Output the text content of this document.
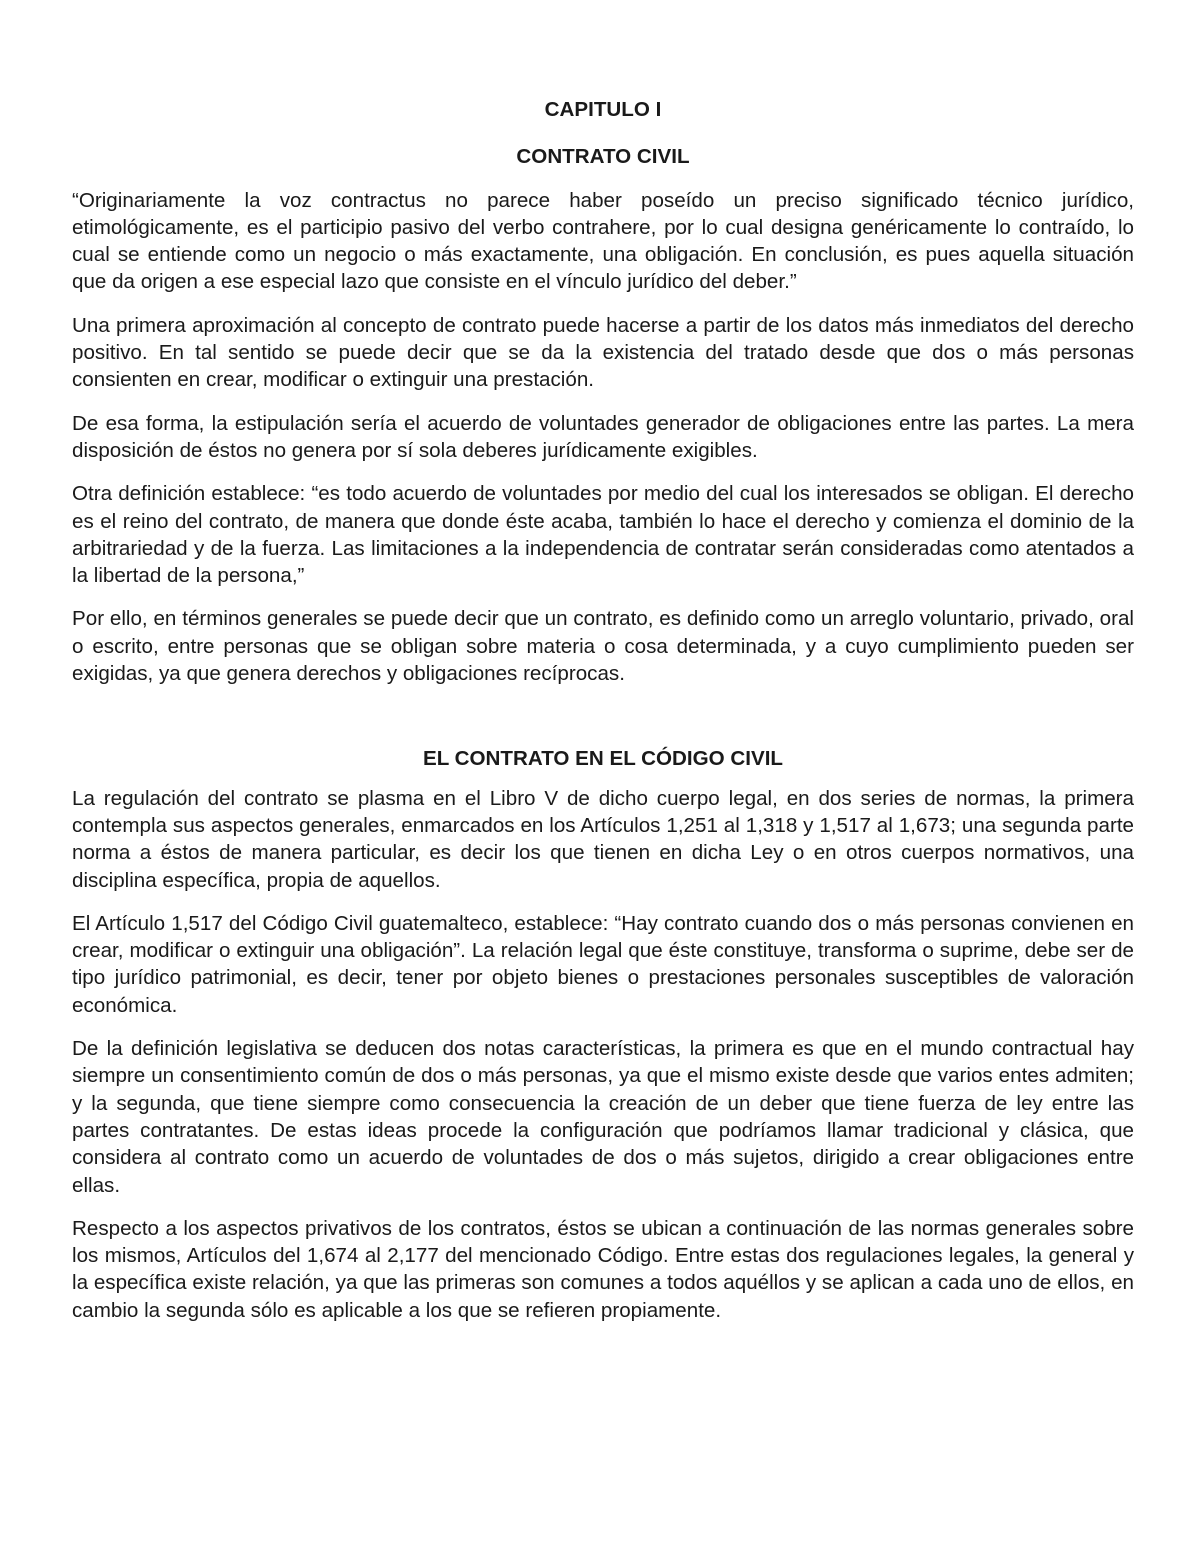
CAPITULO I

CONTRATO CIVIL

“Originariamente la voz contractus no parece haber poseído un preciso significado técnico jurídico, etimológicamente, es el participio pasivo del verbo contrahere, por lo cual designa genéricamente lo contraído, lo cual se entiende como un negocio o más exactamente, una obligación. En conclusión, es pues aquella situación que da origen a ese especial lazo que consiste en el vínculo jurídico del deber.”

Una primera aproximación al concepto de contrato puede hacerse a partir de los datos más inmediatos del derecho positivo. En tal sentido se puede decir que se da la existencia del tratado desde que dos o más personas consienten en crear, modificar o extinguir una prestación.

De esa forma, la estipulación sería el acuerdo de voluntades generador de obligaciones entre las partes. La mera disposición de éstos no genera por sí sola deberes jurídicamente exigibles.

Otra definición establece: “es todo acuerdo de voluntades por medio del cual los interesados se obligan. El derecho es el reino del contrato, de manera que donde éste acaba, también lo hace el derecho y comienza el dominio de la arbitrariedad y de la fuerza. Las limitaciones a la independencia de contratar serán consideradas como atentados a la libertad de la persona,”

Por ello, en términos generales se puede decir que un contrato, es definido como un arreglo voluntario, privado, oral o escrito, entre personas que se obligan sobre materia o cosa determinada, y a cuyo cumplimiento pueden ser exigidas, ya que genera derechos y obligaciones recíprocas.

EL CONTRATO EN EL CÓDIGO CIVIL

La regulación del contrato se plasma en el Libro V de dicho cuerpo legal, en dos series de normas, la primera contempla sus aspectos generales, enmarcados en los Artículos 1,251 al 1,318 y 1,517 al 1,673; una segunda parte norma a éstos de manera particular, es decir los que tienen en dicha Ley o en otros cuerpos normativos, una disciplina específica, propia de aquellos.

El Artículo 1,517 del Código Civil guatemalteco, establece: “Hay contrato cuando dos o más personas convienen en crear, modificar o extinguir una obligación”. La relación legal que éste constituye, transforma o suprime, debe ser de tipo jurídico patrimonial, es decir, tener por objeto bienes o prestaciones personales susceptibles de valoración económica.

De la definición legislativa se deducen dos notas características, la primera es que en el mundo contractual hay siempre un consentimiento común de dos o más personas, ya que el mismo existe desde que varios entes admiten; y la segunda, que tiene siempre como consecuencia la creación de un deber que tiene fuerza de ley entre las partes contratantes. De estas ideas procede la configuración que podríamos llamar tradicional y clásica, que considera al contrato como un acuerdo de voluntades de dos o más sujetos, dirigido a crear obligaciones entre ellas.

Respecto a los aspectos privativos de los contratos, éstos se ubican a continuación de las normas generales sobre los mismos, Artículos del 1,674 al 2,177 del mencionado Código. Entre estas dos regulaciones legales, la general y la específica existe relación, ya que las primeras son comunes a todos aquéllos y se aplican a cada uno de ellos, en cambio la segunda sólo es aplicable a los que se refieren propiamente.
